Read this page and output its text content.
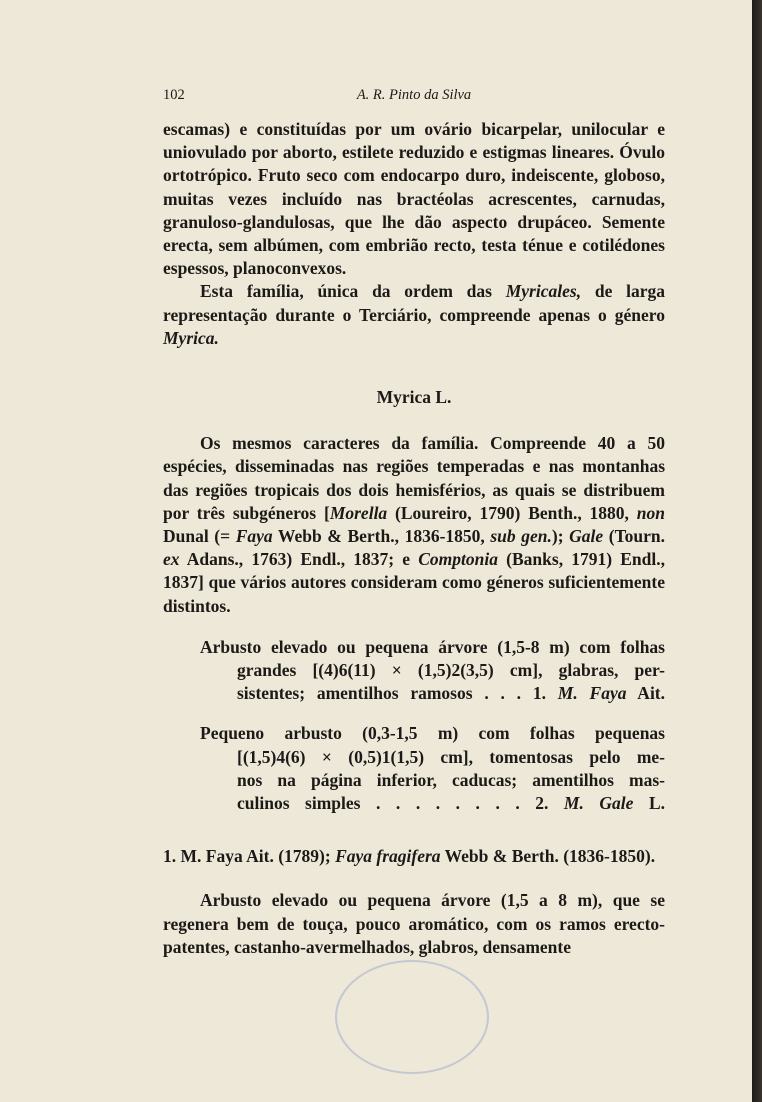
102	A. R. Pinto da Silva

escamas) e constituídas por um ovário bicarpelar, unilocular e uniovulado por aborto, estilete reduzido e estigmas lineares. Óvulo ortotrópico. Fruto seco com endocarpo duro, indeiscente, globoso, muitas vezes incluído nas bractéolas acrescentes, carnudas, granuloso-glandulosas, que lhe dão aspecto drupáceo. Semente erecta, sem albúmen, com embrião recto, testa ténue e cotilédones espessos, planoconvexos.

Esta família, única da ordem das Myricales, de larga representação durante o Terciário, compreende apenas o género Myrica.

Myrica L.

Os mesmos caracteres da família. Compreende 40 a 50 espécies, disseminadas nas regiões temperadas e nas montanhas das regiões tropicais dos dois hemisférios, as quais se distribuem por três subgéneros [Morella (Loureiro, 1790) Benth., 1880, non Dunal (= Faya Webb & Berth., 1836-1850, sub gen.); Gale (Tourn. ex Adans., 1763) Endl., 1837; e Comptonia (Banks, 1791) Endl., 1837] que vários autores consideram como géneros suficientemente distintos.

Arbusto elevado ou pequena árvore (1,5-8 m) com folhas
grandes [(4)6(11) × (1,5)2(3,5) cm], glabras, per-
sistentes; amentilhos ramosos . . . 1. M. Faya Ait.
Pequeno arbusto (0,3-1,5 m) com folhas pequenas
[(1,5)4(6) × (0,5)1(1,5) cm], tomentosas pelo me-
nos na página inferior, caducas; amentilhos mas-
culinos simples . . . . . . . . 2. M. Gale L.

1. M. Faya Ait. (1789); Faya fragifera Webb & Berth. (1836-1850).

Arbusto elevado ou pequena árvore (1,5 a 8 m), que se regenera bem de touça, pouco aromático, com os ramos erecto-patentes, castanho-avermelhados, glabros, densamente
